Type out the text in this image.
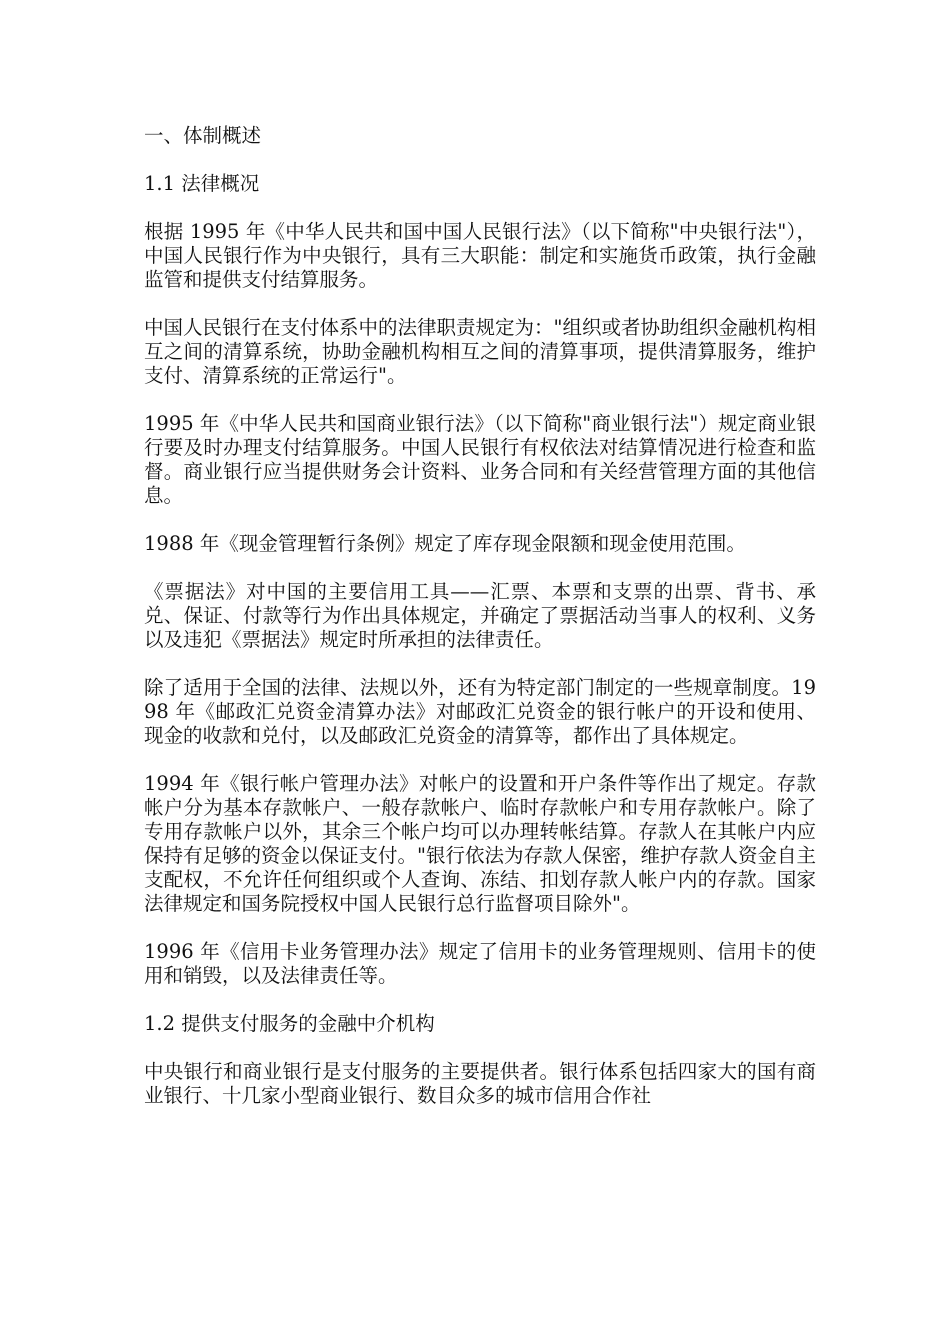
一、体制概述

1.1 法律概况

根据 1995 年《中华人民共和国中国人民银行法》（以下简称"中央银行法"），中国人民银行作为中央银行，具有三大职能：制定和实施货币政策，执行金融监管和提供支付结算服务。

中国人民银行在支付体系中的法律职责规定为："组织或者协助组织金融机构相互之间的清算系统，协助金融机构相互之间的清算事项，提供清算服务，维护支付、清算系统的正常运行"。

1995 年《中华人民共和国商业银行法》（以下简称"商业银行法"）规定商业银行要及时办理支付结算服务。中国人民银行有权依法对结算情况进行检查和监督。商业银行应当提供财务会计资料、业务合同和有关经营管理方面的其他信息。

1988 年《现金管理暂行条例》规定了库存现金限额和现金使用范围。

《票据法》对中国的主要信用工具——汇票、本票和支票的出票、背书、承兑、保证、付款等行为作出具体规定，并确定了票据活动当事人的权利、义务以及违犯《票据法》规定时所承担的法律责任。

除了适用于全国的法律、法规以外，还有为特定部门制定的一些规章制度。1998 年《邮政汇兑资金清算办法》对邮政汇兑资金的银行帐户的开设和使用、现金的收款和兑付，以及邮政汇兑资金的清算等，都作出了具体规定。

1994 年《银行帐户管理办法》对帐户的设置和开户条件等作出了规定。存款帐户分为基本存款帐户、一般存款帐户、临时存款帐户和专用存款帐户。除了专用存款帐户以外，其余三个帐户均可以办理转帐结算。存款人在其帐户内应保持有足够的资金以保证支付。"银行依法为存款人保密，维护存款人资金自主支配权，不允许任何组织或个人查询、冻结、扣划存款人帐户内的存款。国家法律规定和国务院授权中国人民银行总行监督项目除外"。

1996 年《信用卡业务管理办法》规定了信用卡的业务管理规则、信用卡的使用和销毁，以及法律责任等。

1.2 提供支付服务的金融中介机构

中央银行和商业银行是支付服务的主要提供者。银行体系包括四家大的国有商业银行、十几家小型商业银行、数目众多的城市信用合作社
